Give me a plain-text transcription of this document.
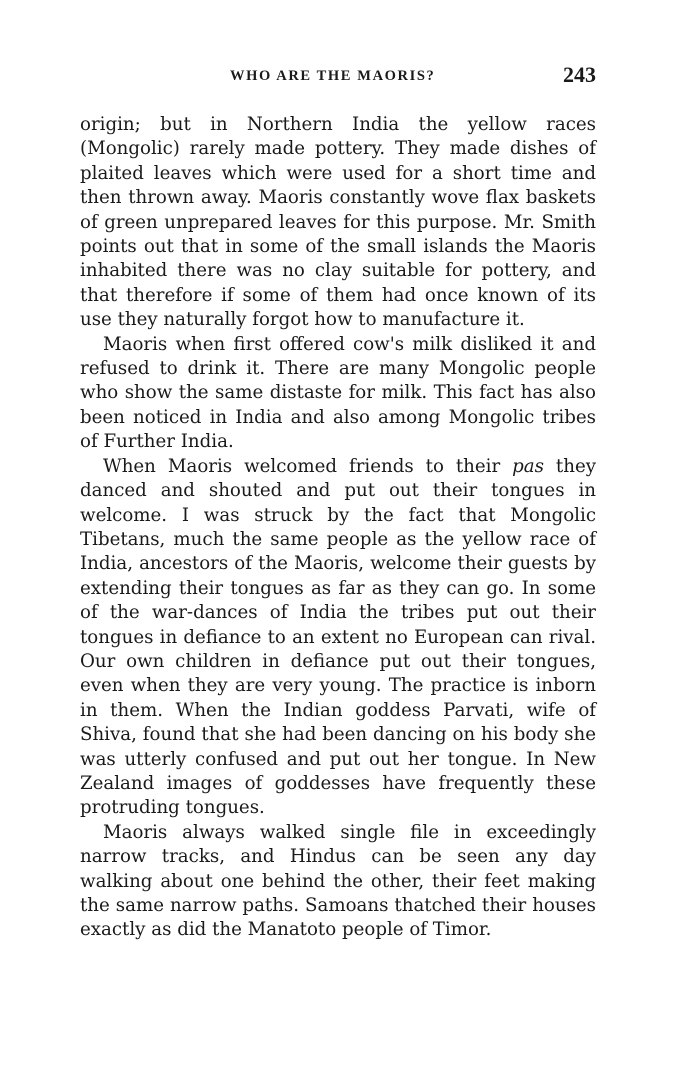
WHO ARE THE MAORIS?	243

origin; but in Northern India the yellow races (Mongolic) rarely made pottery. They made dishes of plaited leaves which were used for a short time and then thrown away. Maoris constantly wove flax baskets of green unprepared leaves for this purpose. Mr. Smith points out that in some of the small islands the Maoris inhabited there was no clay suitable for pottery, and that therefore if some of them had once known of its use they naturally forgot how to manufacture it.

Maoris when first offered cow's milk disliked it and refused to drink it. There are many Mongolic people who show the same distaste for milk. This fact has also been noticed in India and also among Mongolic tribes of Further India.

When Maoris welcomed friends to their pas they danced and shouted and put out their tongues in welcome. I was struck by the fact that Mongolic Tibetans, much the same people as the yellow race of India, ancestors of the Maoris, welcome their guests by extending their tongues as far as they can go. In some of the war-dances of India the tribes put out their tongues in defiance to an extent no European can rival. Our own children in defiance put out their tongues, even when they are very young. The practice is inborn in them. When the Indian goddess Parvati, wife of Shiva, found that she had been dancing on his body she was utterly confused and put out her tongue. In New Zealand images of goddesses have frequently these protruding tongues.

Maoris always walked single file in exceedingly narrow tracks, and Hindus can be seen any day walking about one behind the other, their feet making the same narrow paths. Samoans thatched their houses exactly as did the Manatoto people of Timor.
